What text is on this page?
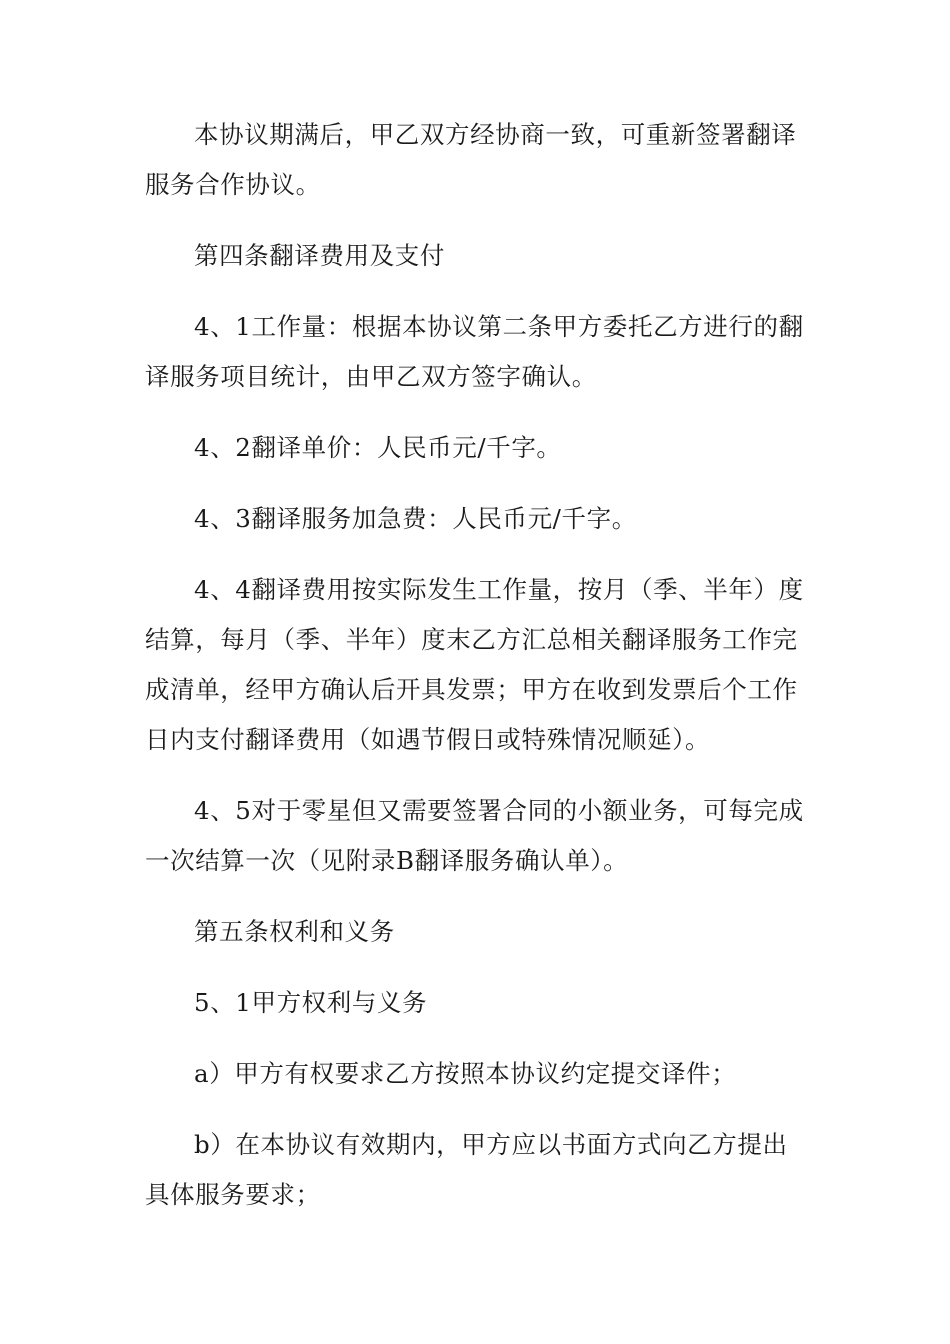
本协议期满后，甲乙双方经协商一致，可重新签署翻译服务合作协议。

第四条翻译费用及支付

4、1工作量：根据本协议第二条甲方委托乙方进行的翻译服务项目统计，由甲乙双方签字确认。

4、2翻译单价：人民币元/千字。

4、3翻译服务加急费：人民币元/千字。

4、4翻译费用按实际发生工作量，按月（季、半年）度结算，每月（季、半年）度末乙方汇总相关翻译服务工作完成清单，经甲方确认后开具发票；甲方在收到发票后个工作日内支付翻译费用（如遇节假日或特殊情况顺延）。

4、5对于零星但又需要签署合同的小额业务，可每完成一次结算一次（见附录B翻译服务确认单）。

第五条权利和义务

5、1甲方权利与义务

a）甲方有权要求乙方按照本协议约定提交译件；

b）在本协议有效期内，甲方应以书面方式向乙方提出具体服务要求；
